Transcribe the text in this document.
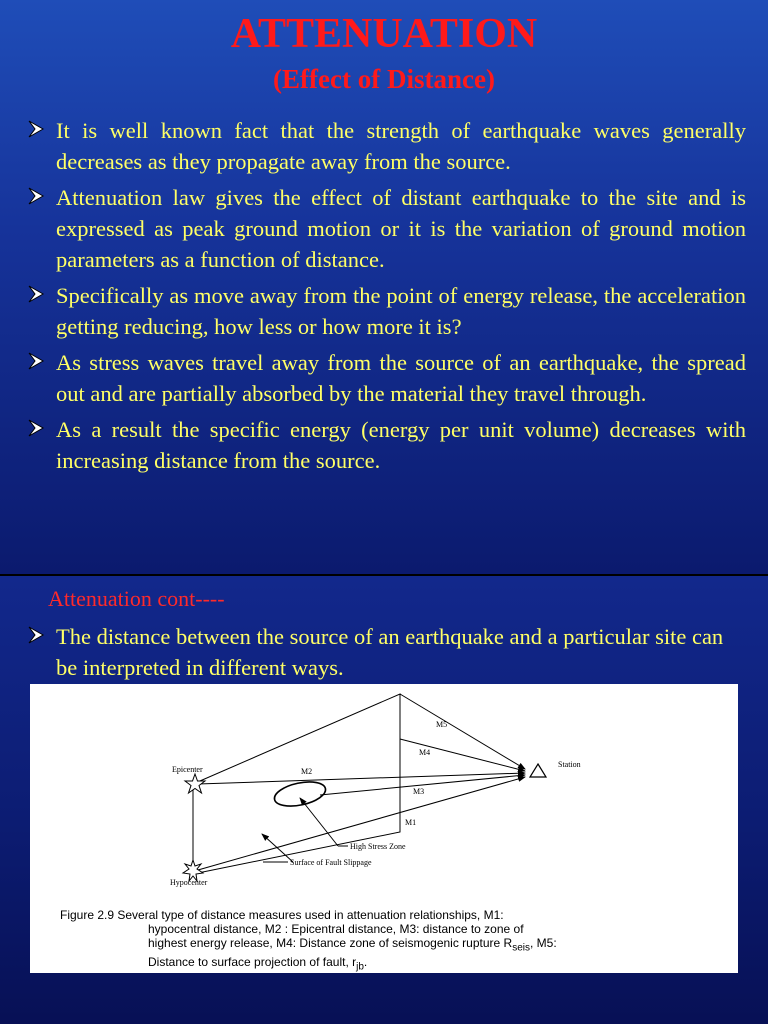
ATTENUATION
(Effect of Distance)
It is well known fact that the strength of earthquake waves generally decreases as they propagate away from the source.
Attenuation law gives the effect of distant earthquake to the site and is expressed as peak ground motion or it is the variation of ground motion parameters as a function of distance.
Specifically as move away from the point of energy release, the acceleration getting reducing, how less or how more it is?
As stress waves travel away from the source of an earthquake, the spread out and are partially absorbed by the material they travel through.
As a result the specific energy (energy per unit volume) decreases with increasing distance from the source.
Attenuation cont----
The distance between the source of an earthquake and a particular site can be interpreted in different ways.
Epicenter
Hypocenter
Station
M5
M4
M2
M3
M1
High Stress Zone
Surface of Fault Slippage
Figure 2.9 Several type of distance measures used in attenuation relationships, M1:
hypocentral distance, M2 : Epicentral distance, M3: distance to zone of
highest energy release, M4: Distance zone of seismogenic rupture $R_{seis}$, M5:
Distance to surface projection of fault, $r_{jb}$.
